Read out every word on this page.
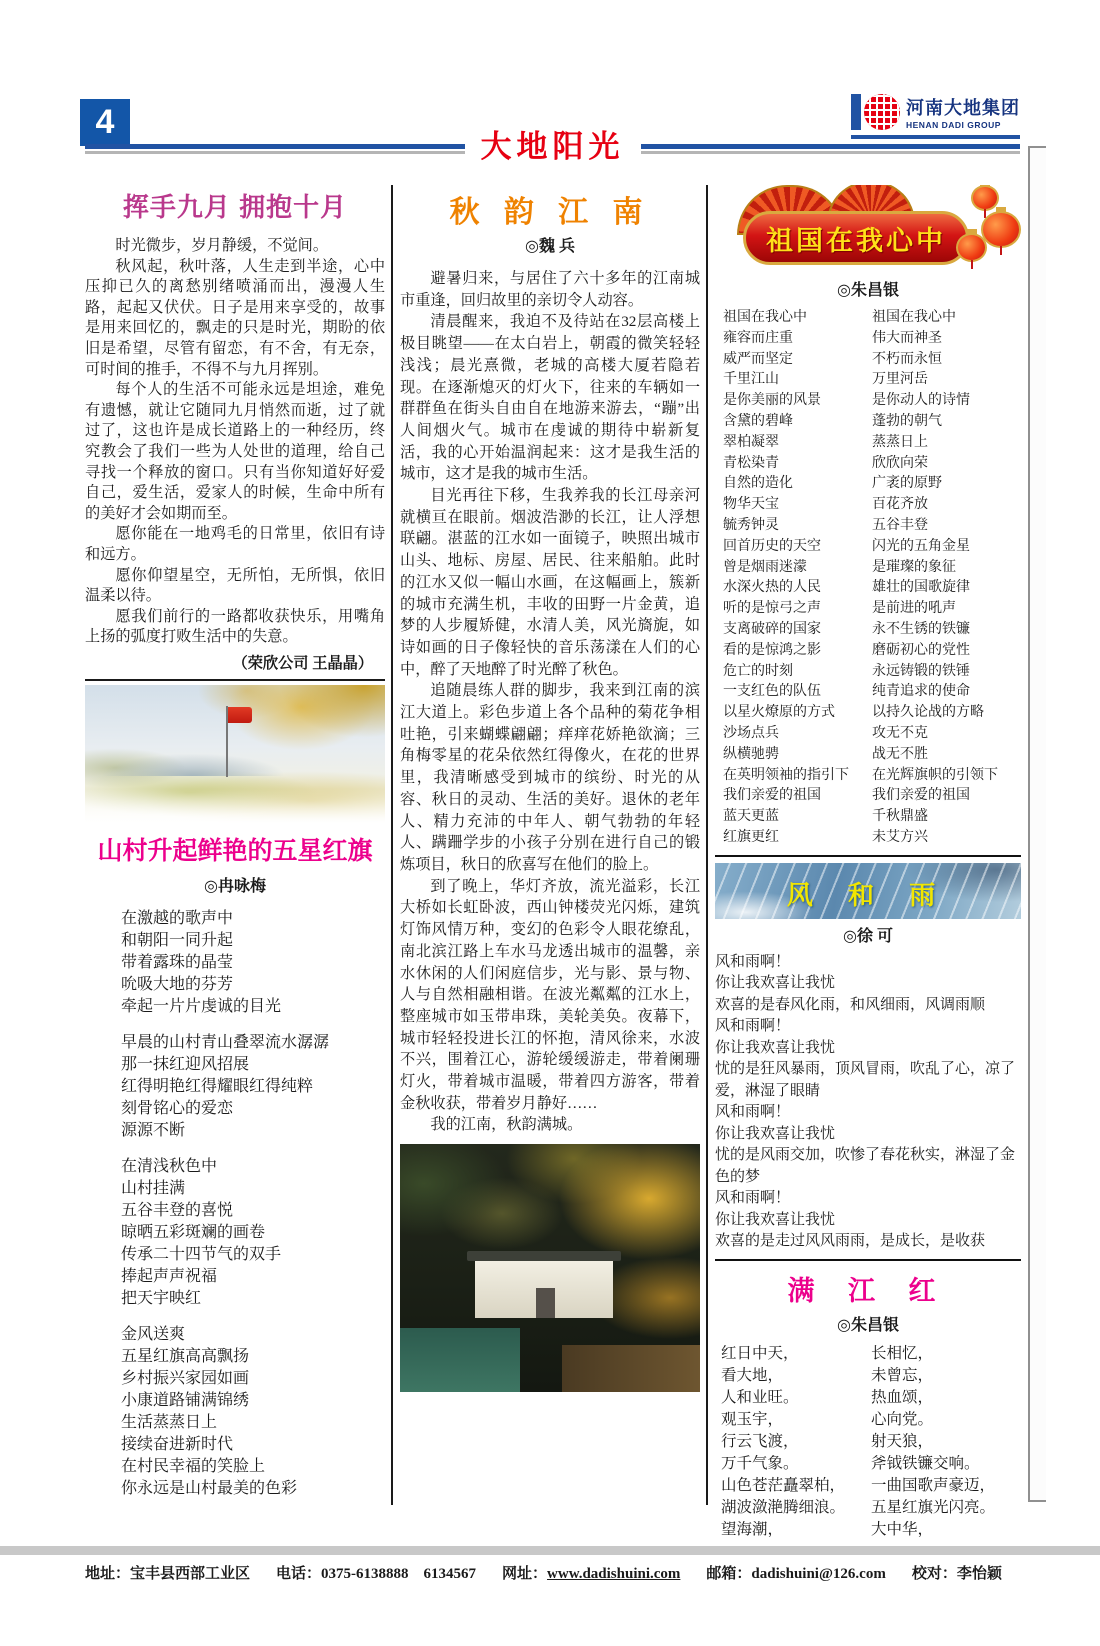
4
大地阳光
河南大地集团
HENAN DADI GROUP
挥手九月 拥抱十月
时光微步，岁月静缓，不觉间。
秋风起，秋叶落，人生走到半途，心中压抑已久的离愁别绪喷涌而出，漫漫人生路，起起又伏伏。日子是用来享受的，故事是用来回忆的，飘走的只是时光，期盼的依旧是希望，尽管有留恋，有不舍，有无奈，可时间的推手，不得不与九月挥别。
每个人的生活不可能永远是坦途，难免有遗憾，就让它随同九月悄然而逝，过了就过了，这也许是成长道路上的一种经历，终究教会了我们一些为人处世的道理，给自己寻找一个释放的窗口。只有当你知道好好爱自己，爱生活，爱家人的时候，生命中所有的美好才会如期而至。
愿你能在一地鸡毛的日常里，依旧有诗和远方。
愿你仰望星空，无所怕，无所惧，依旧温柔以待。
愿我们前行的一路都收获快乐，用嘴角上扬的弧度打败生活中的失意。
（荣欣公司 王晶晶）
山村升起鲜艳的五星红旗
◎冉咏梅
在激越的歌声中
和朝阳一同升起
带着露珠的晶莹
吮吸大地的芬芳
牵起一片片虔诚的目光
早晨的山村青山叠翠流水潺潺
那一抹红迎风招展
红得明艳红得耀眼红得纯粹
刻骨铭心的爱恋
源源不断
在清浅秋色中
山村挂满
五谷丰登的喜悦
晾晒五彩斑斓的画卷
传承二十四节气的双手
捧起声声祝福
把天宇映红
金风送爽
五星红旗高高飘扬
乡村振兴家园如画
小康道路铺满锦绣
生活蒸蒸日上
接续奋进新时代
在村民幸福的笑脸上
你永远是山村最美的色彩
秋 韵 江 南
◎魏 兵
避暑归来，与居住了六十多年的江南城市重逢，回归故里的亲切令人动容。
清晨醒来，我迫不及待站在32层高楼上极目眺望——在太白岩上，朝霞的微笑轻轻浅浅；晨光熹微，老城的高楼大厦若隐若现。在逐渐熄灭的灯火下，往来的车辆如一群群鱼在街头自由自在地游来游去，“蹦”出人间烟火气。城市在虔诚的期待中崭新复活，我的心开始温润起来：这才是我生活的城市，这才是我的城市生活。
目光再往下移，生我养我的长江母亲河就横亘在眼前。烟波浩渺的长江，让人浮想联翩。湛蓝的江水如一面镜子，映照出城市山头、地标、房屋、居民、往来船舶。此时的江水又似一幅山水画，在这幅画上，簇新的城市充满生机，丰收的田野一片金黄，追梦的人步履矫健，水清人美，风光旖旎，如诗如画的日子像轻快的音乐荡漾在人们的心中，醉了天地醉了时光醉了秋色。
追随晨练人群的脚步，我来到江南的滨江大道上。彩色步道上各个品种的菊花争相吐艳，引来蝴蝶翩翩；痒痒花娇艳欲滴；三角梅零星的花朵依然红得像火，在花的世界里，我清晰感受到城市的缤纷、时光的从容、秋日的灵动、生活的美好。退休的老年人、精力充沛的中年人、朝气勃勃的年轻人、蹒跚学步的小孩子分别在进行自己的锻炼项目，秋日的欣喜写在他们的脸上。
到了晚上，华灯齐放，流光溢彩，长江大桥如长虹卧波，西山钟楼荧光闪烁，建筑灯饰风情万种，变幻的色彩令人眼花缭乱，南北滨江路上车水马龙透出城市的温馨，亲水休闲的人们闲庭信步，光与影、景与物、人与自然相融相谐。在波光粼粼的江水上，整座城市如玉带串珠，美轮美奂。夜幕下，城市轻轻投进长江的怀抱，清风徐来，水波不兴，围着江心，游轮缓缓游走，带着阑珊灯火，带着城市温暖，带着四方游客，带着金秋收获，带着岁月静好……
我的江南，秋韵满城。
祖国在我心中
◎朱昌银
祖国在我心中
雍容而庄重
威严而坚定
千里江山
是你美丽的风景
含黛的碧峰
翠柏凝翠
青松染青
自然的造化
物华天宝
毓秀钟灵
回首历史的天空
曾是烟雨迷濛
水深火热的人民
听的是惊弓之声
支离破碎的国家
看的是惊鸿之影
危亡的时刻
一支红色的队伍
以星火燎原的方式
沙场点兵
纵横驰骋
在英明领袖的指引下
我们亲爱的祖国
蓝天更蓝
红旗更红
祖国在我心中
伟大而神圣
不朽而永恒
万里河岳
是你动人的诗情
蓬勃的朝气
蒸蒸日上
欣欣向荣
广袤的原野
百花齐放
五谷丰登
闪光的五角金星
是璀璨的象征
雄壮的国歌旋律
是前进的吼声
永不生锈的铁镰
磨砺初心的党性
永远铸锻的铁锤
纯青追求的使命
以持久论战的方略
攻无不克
战无不胜
在光辉旗帜的引领下
我们亲爱的祖国
千秋鼎盛
未艾方兴
风 和 雨
◎徐 可
风和雨啊！
你让我欢喜让我忧
欢喜的是春风化雨，和风细雨，风调雨顺
风和雨啊！
你让我欢喜让我忧
忧的是狂风暴雨，顶风冒雨，吹乱了心，凉了爱，淋湿了眼睛
风和雨啊！
你让我欢喜让我忧
忧的是风雨交加，吹惨了春花秋实，淋湿了金色的梦
风和雨啊！
你让我欢喜让我忧
欢喜的是走过风风雨雨，是成长，是收获
满 江 红
◎朱昌银
红日中天，
看大地，
人和业旺。
观玉宇，
行云飞渡，
万千气象。
山色苍茫矗翠柏，
湖波潋滟腾细浪。
望海潮，
长相忆，
未曾忘，
热血颂，
心向党。
射天狼，
斧钺铁镰交响。
一曲国歌声豪迈，
五星红旗光闪亮。
大中华，
地址：宝丰县西部工业区 电话：0375-6138888　6134567 网址：www.dadishuini.com 邮箱：dadishuini@126.com 校对：李怡颖
